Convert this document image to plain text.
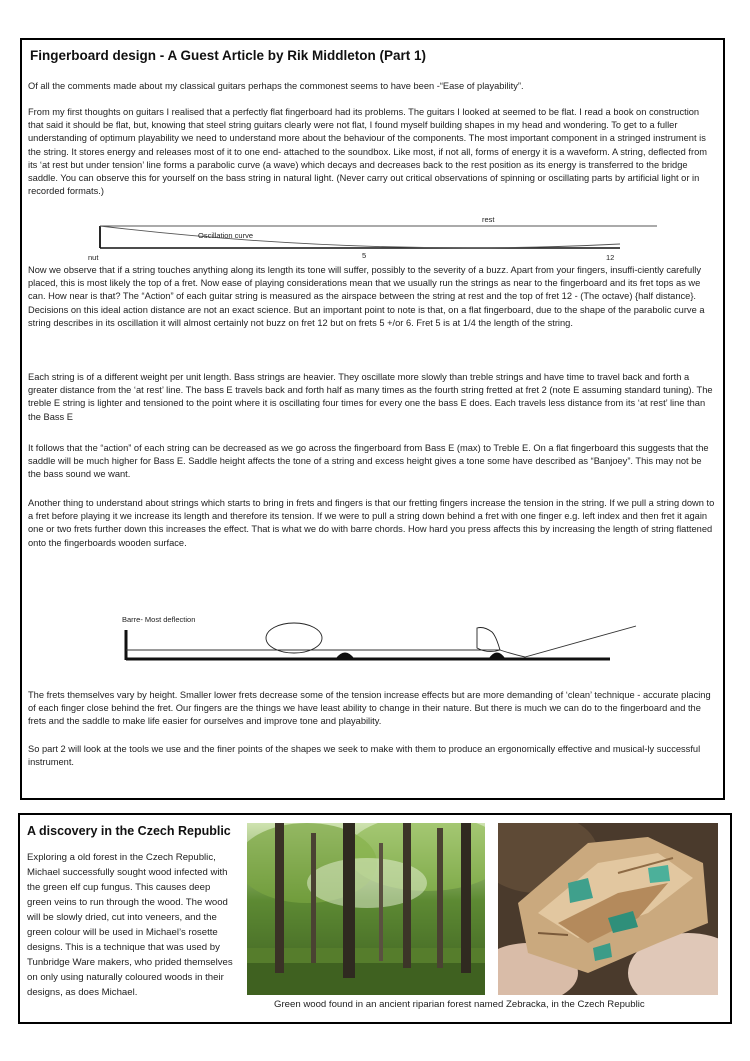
Fingerboard design - A Guest Article by Rik Middleton (Part 1)

Of all the comments made about my classical guitars perhaps the commonest seems to have been -“Ease of playability”.

From my first thoughts on guitars I realised that a perfectly flat fingerboard had its problems. The guitars I looked at seemed to be flat. I read a book on construction that said it should be flat, but, knowing that steel string guitars clearly were not flat, I found myself building shapes in my head and wondering. To get to a fuller understanding of optimum playability we need to understand more about the behaviour of the components. The most important component in a stringed instrument is the string. It stores energy and releases most of it to one end- attached to the soundbox. Like most, if not all, forms of energy it is a waveform. A string, deflected from its ‘at rest but under tension’ line forms a parabolic curve (a wave) which decays and decreases back to the rest position as its energy is transferred to the bridge saddle. You can observe this for yourself on the bass string in natural light. (Never carry out critical observations of spinning or oscillating parts by artificial light or in recorded formats.)

rest
Oscillation curve
nut	5	12

Now we observe that if a string touches anything along its length its tone will suffer, possibly to the severity of a buzz. Apart from your fingers, insuffi-ciently carefully placed, this is most likely the top of a fret. Now ease of playing considerations mean that we usually run the strings as near to the fingerboard and its fret tops as we can. How near is that? The “Action” of each guitar string is measured as the airspace between the string at rest and the top of fret 12 - (The octave) {half distance}. Decisions on this ideal action distance are not an exact science. But an important point to note is that, on a flat fingerboard, due to the shape of the parabolic curve a string describes in its oscillation it will almost certainly not buzz on fret 12 but on frets 5 +/or 6. Fret 5 is at 1/4 the length of the string.

Each string is of a different weight per unit length. Bass strings are heavier. They oscillate more slowly than treble strings and have time to travel back and forth a greater distance from the ‘at rest’ line. The bass E travels back and forth half as many times as the fourth string fretted at fret 2 (note E assuming standard tuning). The treble E string is lighter and tensioned to the point where it is oscillating four times for every one the bass E does. Each travels less distance from its ‘at rest’ line than the Bass E

It follows that the “action” of each string can be decreased as we go across the fingerboard from Bass E (max) to Treble E. On a flat fingerboard this suggests that the saddle will be much higher for Bass E. Saddle height affects the tone of a string and excess height gives a tone some have described as “Banjoey”. This may not be the bass sound we want.

Another thing to understand about strings which starts to bring in frets and fingers is that our fretting fingers increase the tension in the string. If we pull a string down to a fret before playing it we increase its length and therefore its tension. If we were to pull a string down behind a fret with one finger e.g. left index and then fret it again one or two frets further down this increases the effect. That is what we do with barre chords. How hard you press affects this by increasing the length of string flattened onto the fingerboards wooden surface.

Barre- Most deflection

The frets themselves vary by height. Smaller lower frets decrease some of the tension increase effects but are more demanding of ‘clean’ technique - accurate placing of each finger close behind the fret. Our fingers are the things we have least ability to change in their nature. But there is much we can do to the fingerboard and the frets and the saddle to make life easier for ourselves and improve tone and playability.

So part 2 will look at the tools we use and the finer points of the shapes we seek to make with them to produce an ergonomically effective and musical-ly successful instrument.

A discovery in the Czech Republic

Exploring a old forest in the Czech Republic, Michael successfully sought wood infected with the green elf cup fungus. This causes deep green veins to run through the wood. The wood will be slowly dried, cut into veneers, and the green colour will be used in Michael’s rosette designs. This is a technique that was used by Tunbridge Ware makers, who prided themselves on only using naturally coloured woods in their designs, as does Michael.

Green wood found in an ancient riparian forest named Zebracka, in the Czech Republic
